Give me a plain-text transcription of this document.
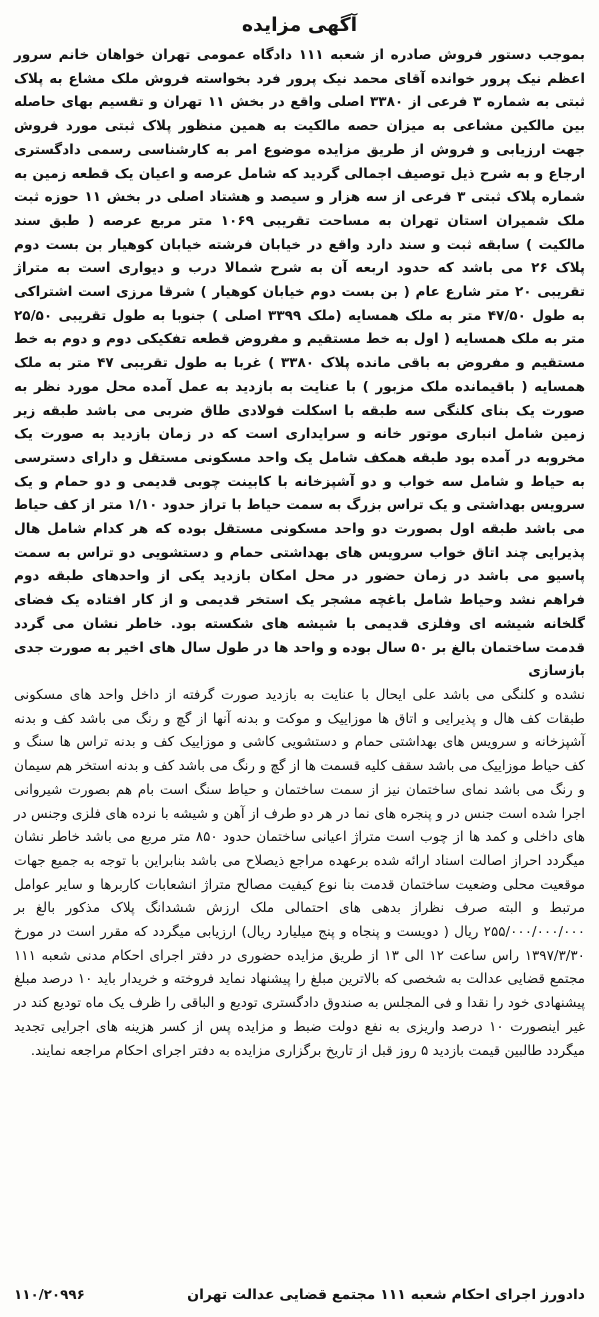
آگهی مزایده

بموجب دستور فروش صادره از شعبه ۱۱۱ دادگاه عمومی تهران خواهان خانم سرور اعظم نیک پرور خوانده آقای محمد نیک پرور فرد بخواسته فروش ملک مشاع به پلاک ثبتی به شماره ۳ فرعی از ۳۳۸۰ اصلی واقع در بخش ۱۱ تهران و تقسیم بهای حاصله بین مالکین مشاعی به میزان حصه مالکیت به همین منظور پلاک ثبتی مورد فروش جهت ارزیابی و فروش از طریق مزایده موضوع امر به کارشناسی رسمی دادگستری ارجاع و به شرح ذیل توصیف اجمالی گردید که شامل عرصه و اعیان یک قطعه زمین به شماره پلاک ثبتی ۳ فرعی از سه هزار و سیصد و هشتاد اصلی در بخش ۱۱ حوزه ثبت ملک شمیران استان تهران به مساحت تقریبی ۱۰۶۹ متر مربع عرصه ( طبق سند مالکیت ) سابقه ثبت و سند دارد واقع در خیابان فرشته خیابان کوهیار بن بست دوم پلاک ۲۶ می باشد که حدود اربعه آن به شرح شمالا درب و دیواری است به متراژ تقریبی ۲۰ متر شارع عام ( بن بست دوم خیابان کوهیار ) شرقا مرزی است اشتراکی به طول ۴۷/۵۰ متر به ملک همسایه (ملک ۳۳۹۹ اصلی ) جنوبا به طول تقریبی ۲۵/۵۰ متر به ملک همسایه ( اول به خط مستقیم و مفروض قطعه تفکیکی دوم و دوم به خط مستقیم و مفروض به باقی مانده پلاک ۳۳۸۰ ) غربا به طول تقریبی ۴۷ متر به ملک همسایه ( باقیمانده ملک مزبور ) با عنایت به بازدید به عمل آمده محل مورد نظر به صورت یک بنای کلنگی سه طبقه با اسکلت فولادی طاق ضربی می باشد طبقه زیر زمین شامل انباری موتور خانه و سرایداری است که در زمان بازدید به صورت یک مخروبه در آمده بود طبقه همکف شامل یک واحد مسکونی مستقل و دارای دسترسی به حیاط و شامل سه خواب و دو آشپزخانه با کابینت چوبی قدیمی و دو حمام و یک سرویس بهداشتی و یک تراس بزرگ به سمت حیاط با تراز حدود ۱/۱۰ متر از کف حیاط می باشد طبقه اول بصورت دو واحد مسکونی مستقل بوده که هر کدام شامل هال پذیرایی چند اتاق خواب سرویس های بهداشتی حمام و دستشویی دو تراس به سمت پاسیو می باشد در زمان حضور در محل امکان بازدید یکی از واحدهای طبقه دوم فراهم نشد وحیاط شامل باغچه مشجر یک استخر قدیمی و از کار افتاده یک فضای گلخانه شیشه ای وفلزی قدیمی با شیشه های شکسته بود. خاطر نشان می گردد قدمت ساختمان بالغ بر ۵۰ سال بوده و واحد ها در طول سال های اخیر به صورت جدی بازسازی

نشده و کلنگی می باشد علی ایحال با عنایت به بازدید صورت گرفته از داخل واحد های مسکونی طبقات کف هال و پذیرایی و اتاق ها موزاییک و موکت و بدنه آنها از گچ و رنگ می باشد کف و بدنه آشپزخانه و سرویس های بهداشتی حمام و دستشویی کاشی و موزاییک کف و بدنه تراس ها سنگ و کف حیاط موزاییک می باشد سقف کلیه قسمت ها از گچ و رنگ می باشد کف و بدنه استخر هم سیمان و رنگ می باشد نمای ساختمان نیز از سمت ساختمان و حیاط سنگ است بام هم بصورت شیروانی اجرا شده است جنس در و پنجره های نما در هر دو طرف از آهن و شیشه با نرده های فلزی وجنس در های داخلی و کمد ها از چوب است متراژ اعیانی ساختمان حدود ۸۵۰ متر مربع می باشد خاطر نشان میگردد احراز اصالت اسناد ارائه شده برعهده مراجع ذیصلاح می باشد بنابراین با توجه به جمیع جهات موقعیت محلی وضعیت ساختمان قدمت بنا نوع کیفیت مصالح متراژ انشعابات کاربرها و سایر عوامل مرتبط و البته صرف نظراز بدهی های احتمالی ملک ارزش ششدانگ پلاک مذکور بالغ بر ۲۵۵/۰۰۰/۰۰۰/۰۰۰ ریال ( دویست و پنجاه و پنج میلیارد ریال) ارزیابی میگردد که مقرر است در مورخ ۱۳۹۷/۳/۳۰ راس ساعت ۱۲ الی ۱۳ از طریق مزایده حضوری در دفتر اجرای احکام مدنی شعبه ۱۱۱ مجتمع قضایی عدالت به شخصی که بالاترین مبلغ را پیشنهاد نماید فروخته و خریدار باید ۱۰ درصد مبلغ پیشنهادی خود را نقدا و فی المجلس به صندوق دادگستری تودیع و الباقی را ظرف یک ماه تودیع کند در غیر اینصورت ۱۰ درصد واریزی به نفع دولت ضبط و مزایده پس از کسر هزینه های اجرایی تجدید میگردد طالبین قیمت بازدید ۵ روز قبل از تاریخ برگزاری مزایده به دفتر اجرای احکام مراجعه نمایند.

دادورز اجرای احکام شعبه ۱۱۱ مجتمع قضایی عدالت تهران
۱۱۰/۲۰۹۹۶
